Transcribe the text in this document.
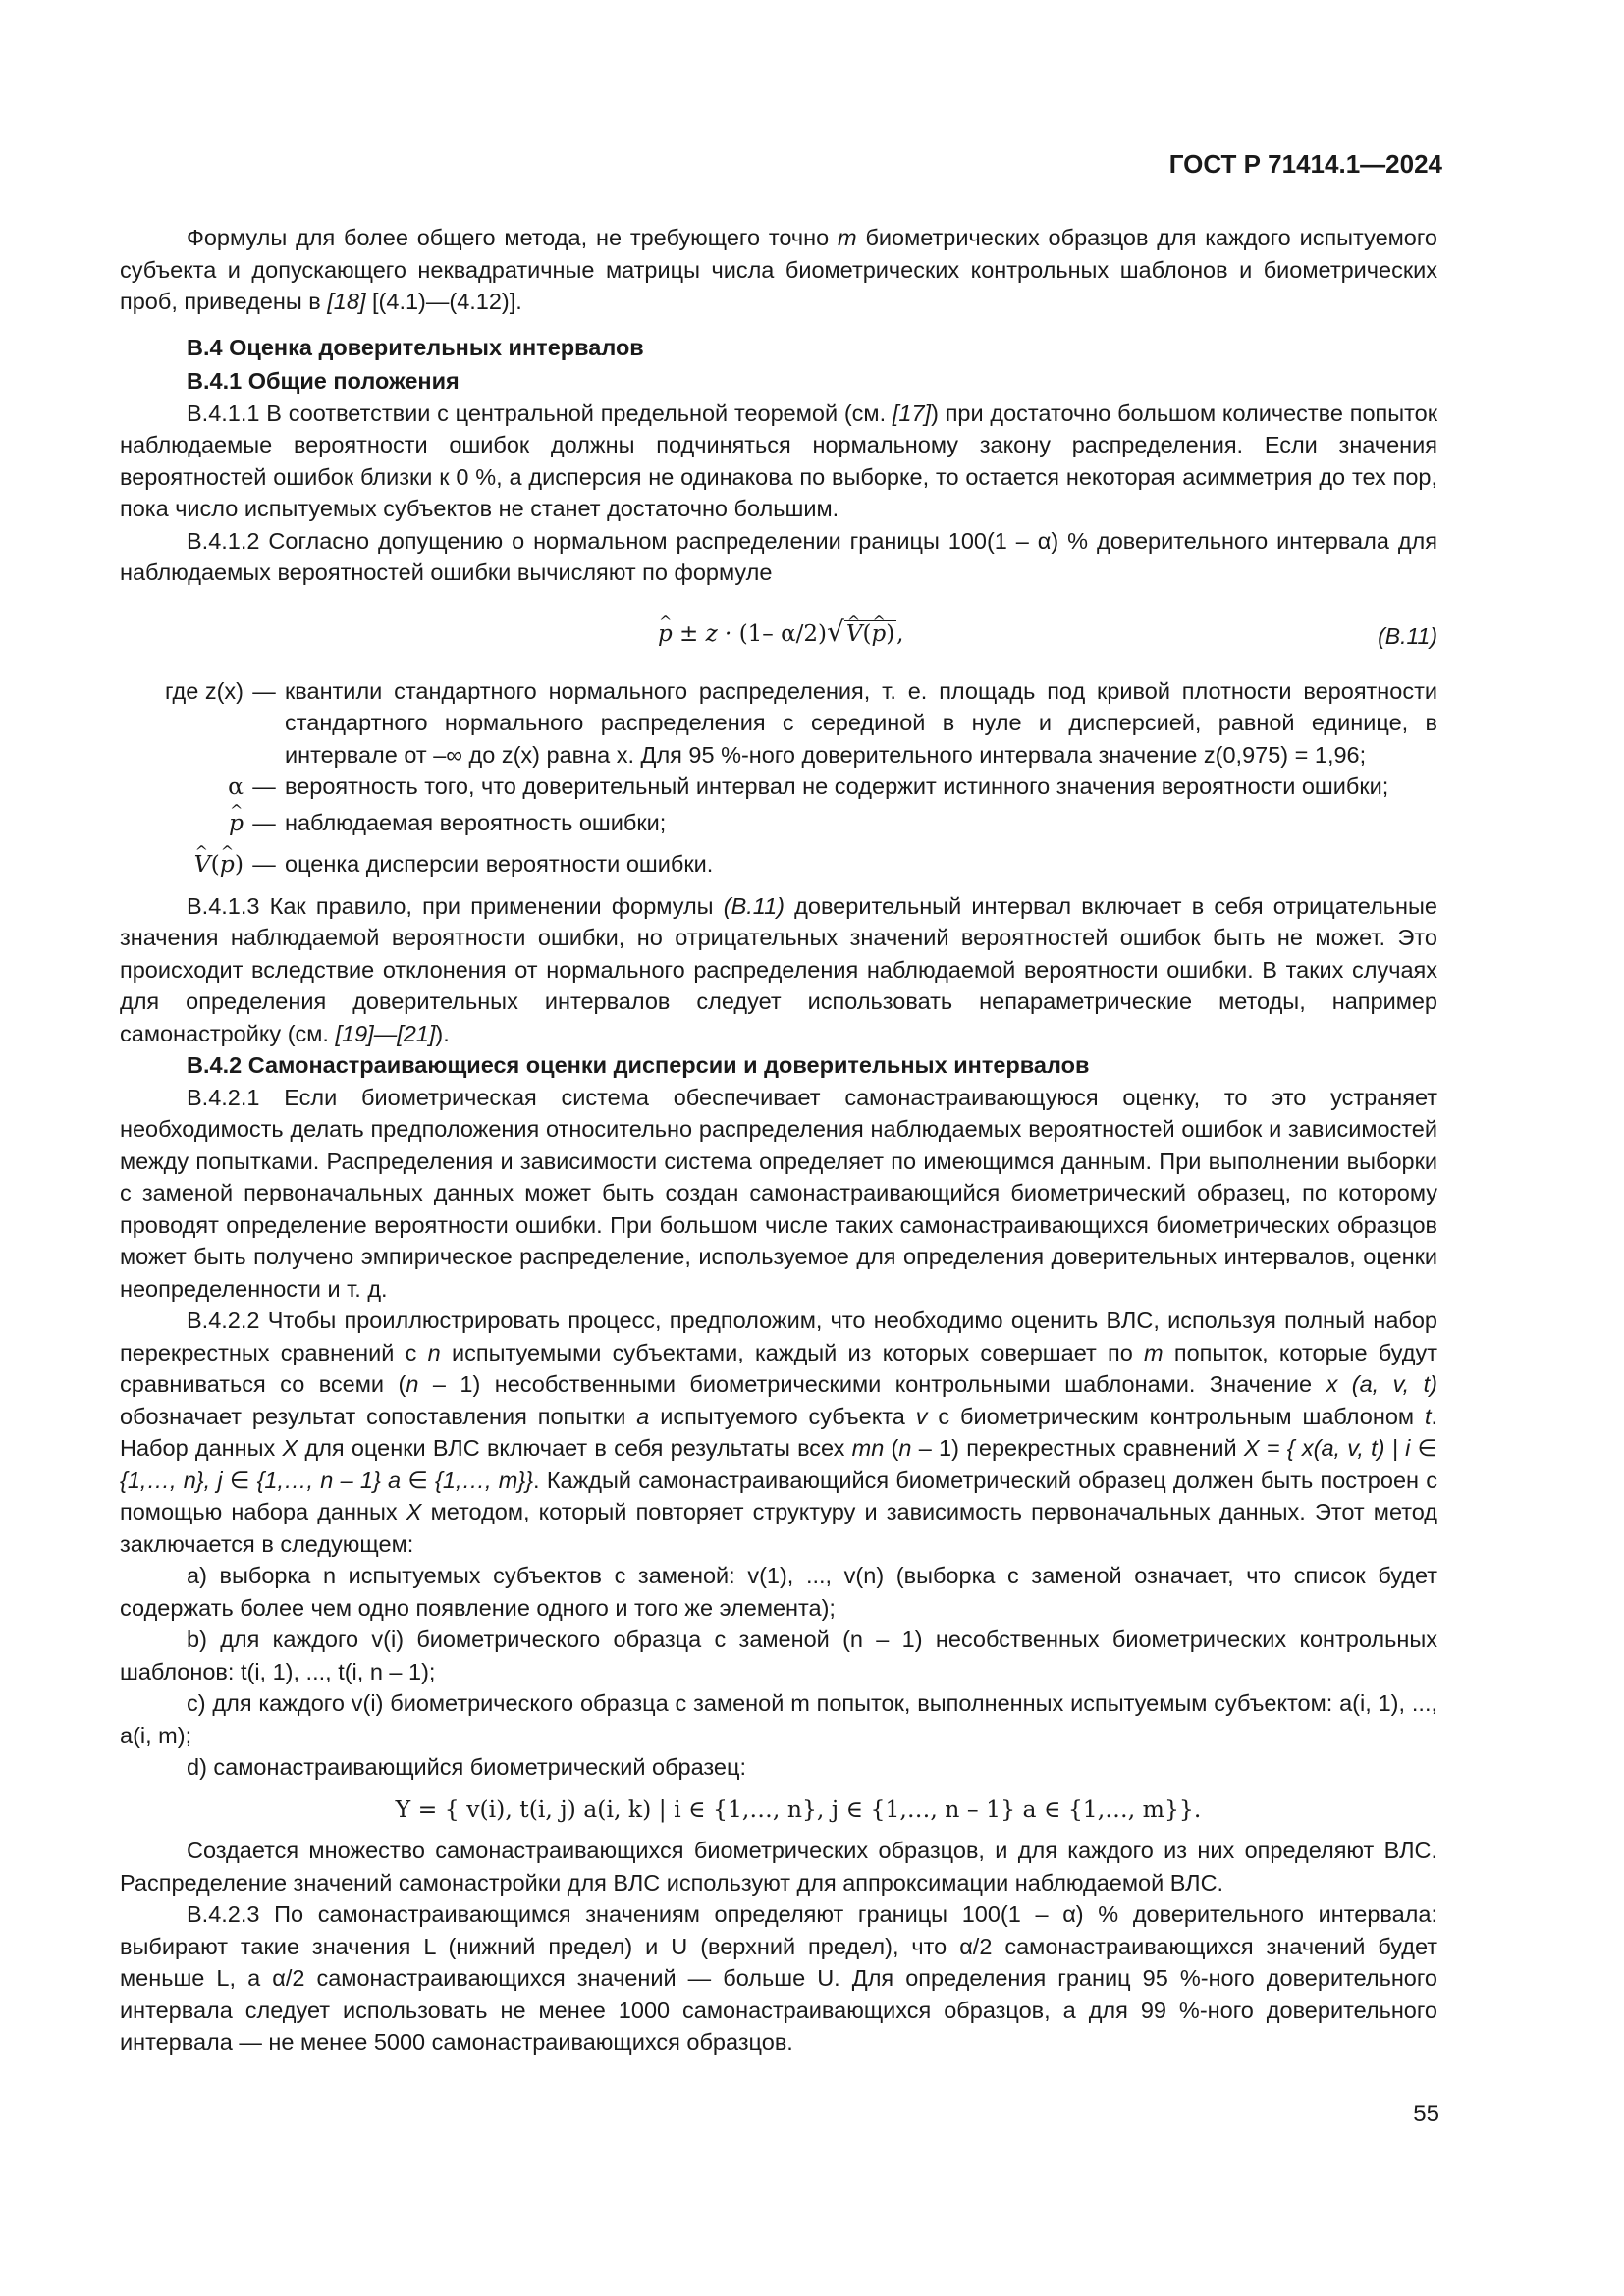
ГОСТ Р 71414.1—2024

Формулы для более общего метода, не требующего точно m биометрических образцов для каждого испытуемого субъекта и допускающего неквадратичные матрицы числа биометрических контрольных шаблонов и биометрических проб, приведены в [18] [(4.1)—(4.12)].

В.4 Оценка доверительных интервалов

В.4.1 Общие положения

В.4.1.1 В соответствии с центральной предельной теоремой (см. [17]) при достаточно большом количестве попыток наблюдаемые вероятности ошибок должны подчиняться нормальному закону распределения. Если значения вероятностей ошибок близки к 0 %, а дисперсия не одинакова по выборке, то остается некоторая асимметрия до тех пор, пока число испытуемых субъектов не станет достаточно большим.

В.4.1.2 Согласно допущению о нормальном распределении границы 100(1 – α) % доверительного интервала для наблюдаемых вероятностей ошибки вычисляют по формуле

^ p ± z · (1– α/2)√^ V(^ p),	(В.11)
где z(x) — квантили стандартного нормального распределения, т. е. площадь под кривой плотности вероятности стандартного нормального распределения с серединой в нуле и дисперсией, равной единице, в интервале от –∞ до z(x) равна x. Для 95 %-ного доверительного интервала значение z(0,975) = 1,96;
α — вероятность того, что доверительный интервал не содержит истинного значения вероятности ошибки;
^ p — наблюдаемая вероятность ошибки;
^ V(^ p) — оценка дисперсии вероятности ошибки.

В.4.1.3 Как правило, при применении формулы (В.11) доверительный интервал включает в себя отрицательные значения наблюдаемой вероятности ошибки, но отрицательных значений вероятностей ошибок быть не может. Это происходит вследствие отклонения от нормального распределения наблюдаемой вероятности ошибки. В таких случаях для определения доверительных интервалов следует использовать непараметрические методы, например самонастройку (см. [19]—[21]).

В.4.2 Самонастраивающиеся оценки дисперсии и доверительных интервалов

В.4.2.1 Если биометрическая система обеспечивает самонастраивающуюся оценку, то это устраняет необходимость делать предположения относительно распределения наблюдаемых вероятностей ошибок и зависимостей между попытками. Распределения и зависимости система определяет по имеющимся данным. При выполнении выборки с заменой первоначальных данных может быть создан самонастраивающийся биометрический образец, по которому проводят определение вероятности ошибки. При большом числе таких самонастраивающихся биометрических образцов может быть получено эмпирическое распределение, используемое для определения доверительных интервалов, оценки неопределенности и т. д.

В.4.2.2 Чтобы проиллюстрировать процесс, предположим, что необходимо оценить ВЛС, используя полный набор перекрестных сравнений с n испытуемыми субъектами, каждый из которых совершает по m попыток, которые будут сравниваться со всеми (n – 1) несобственными биометрическими контрольными шаблонами. Значение x (a, v, t) обозначает результат сопоставления попытки a испытуемого субъекта v с биометрическим контрольным шаблоном t. Набор данных X для оценки ВЛС включает в себя результаты всех mn (n – 1) перекрестных сравнений X = { x(a, v, t) | i ∈ {1,…, n}, j ∈ {1,…, n – 1} a ∈ {1,…, m}}. Каждый самонастраивающийся биометрический образец должен быть построен с помощью набора данных X методом, который повторяет структуру и зависимость первоначальных данных. Этот метод заключается в следующем:

a) выборка n испытуемых субъектов с заменой: v(1), ..., v(n) (выборка с заменой означает, что список будет содержать более чем одно появление одного и того же элемента);

b) для каждого v(i) биометрического образца с заменой (n – 1) несобственных биометрических контрольных шаблонов: t(i, 1), ..., t(i, n – 1);

c) для каждого v(i) биометрического образца с заменой m попыток, выполненных испытуемым субъектом: a(i, 1), ..., a(i, m);

d) самонастраивающийся биометрический образец:

Y = { v(i), t(i, j) a(i, k) | i ∈ {1,…, n}, j ∈ {1,…, n – 1} a ∈ {1,…, m}}.

Создается множество самонастраивающихся биометрических образцов, и для каждого из них определяют ВЛС. Распределение значений самонастройки для ВЛС используют для аппроксимации наблюдаемой ВЛС.

В.4.2.3 По самонастраивающимся значениям определяют границы 100(1 – α) % доверительного интервала: выбирают такие значения L (нижний предел) и U (верхний предел), что α/2 самонастраивающихся значений будет меньше L, а α/2 самонастраивающихся значений — больше U. Для определения границ 95 %-ного доверительного интервала следует использовать не менее 1000 самонастраивающихся образцов, а для 99 %-ного доверительного интервала — не менее 5000 самонастраивающихся образцов.

55
